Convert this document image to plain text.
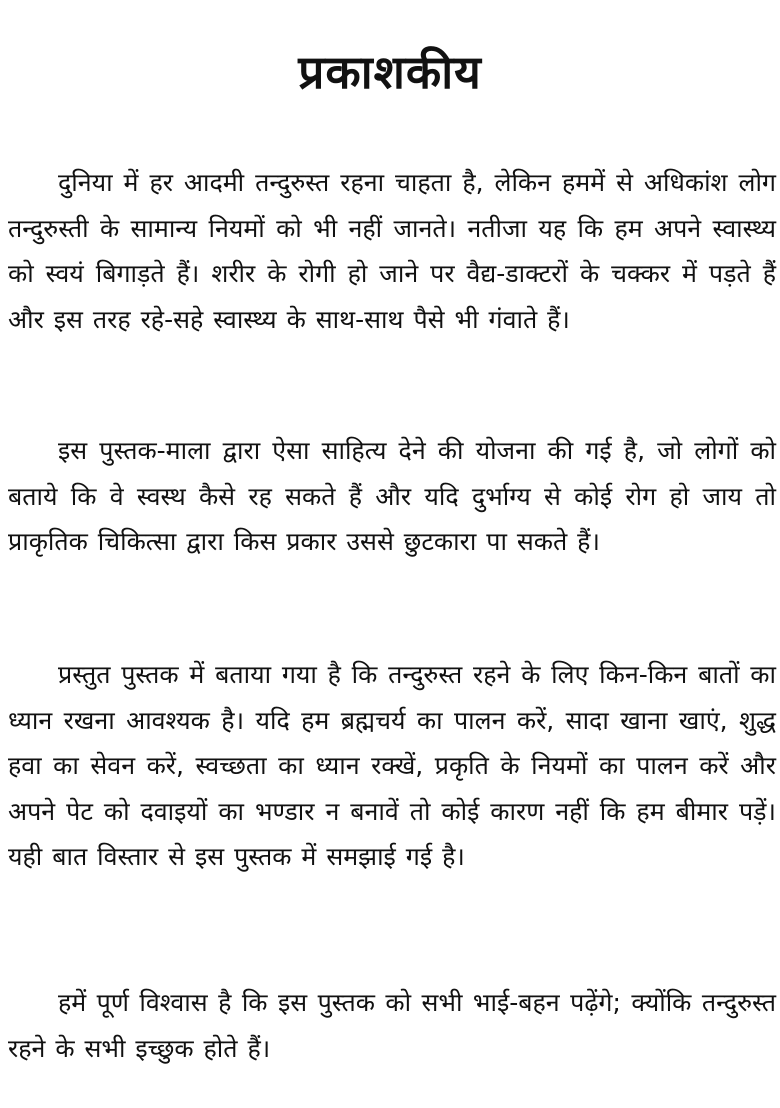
प्रकाशकीय

दुनिया में हर आदमी तन्दुरुस्त रहना चाहता है, लेकिन हममें से अधिकांश लोग तन्दुरुस्ती के सामान्य नियमों को भी नहीं जानते। नतीजा यह कि हम अपने स्वास्थ्य को स्वयं बिगाड़ते हैं। शरीर के रोगी हो जाने पर वैद्य-डाक्टरों के चक्कर में पड़ते हैं और इस तरह रहे-सहे स्वास्थ्य के साथ-साथ पैसे भी गंवाते हैं।

इस पुस्तक-माला द्वारा ऐसा साहित्य देने की योजना की गई है, जो लोगों को बताये कि वे स्वस्थ कैसे रह सकते हैं और यदि दुर्भाग्य से कोई रोग हो जाय तो प्राकृतिक चिकित्सा द्वारा किस प्रकार उससे छुटकारा पा सकते हैं।

प्रस्तुत पुस्तक में बताया गया है कि तन्दुरुस्त रहने के लिए किन-किन बातों का ध्यान रखना आवश्यक है। यदि हम ब्रह्मचर्य का पालन करें, सादा खाना खाएं, शुद्ध हवा का सेवन करें, स्वच्छता का ध्यान रक्खें, प्रकृति के नियमों का पालन करें और अपने पेट को दवाइयों का भण्डार न बनावें तो कोई कारण नहीं कि हम बीमार पड़ें। यही बात विस्तार से इस पुस्तक में समझाई गई है।

हमें पूर्ण विश्वास है कि इस पुस्तक को सभी भाई-बहन पढ़ेंगे; क्योंकि तन्दुरुस्त रहने के सभी इच्छुक होते हैं।
